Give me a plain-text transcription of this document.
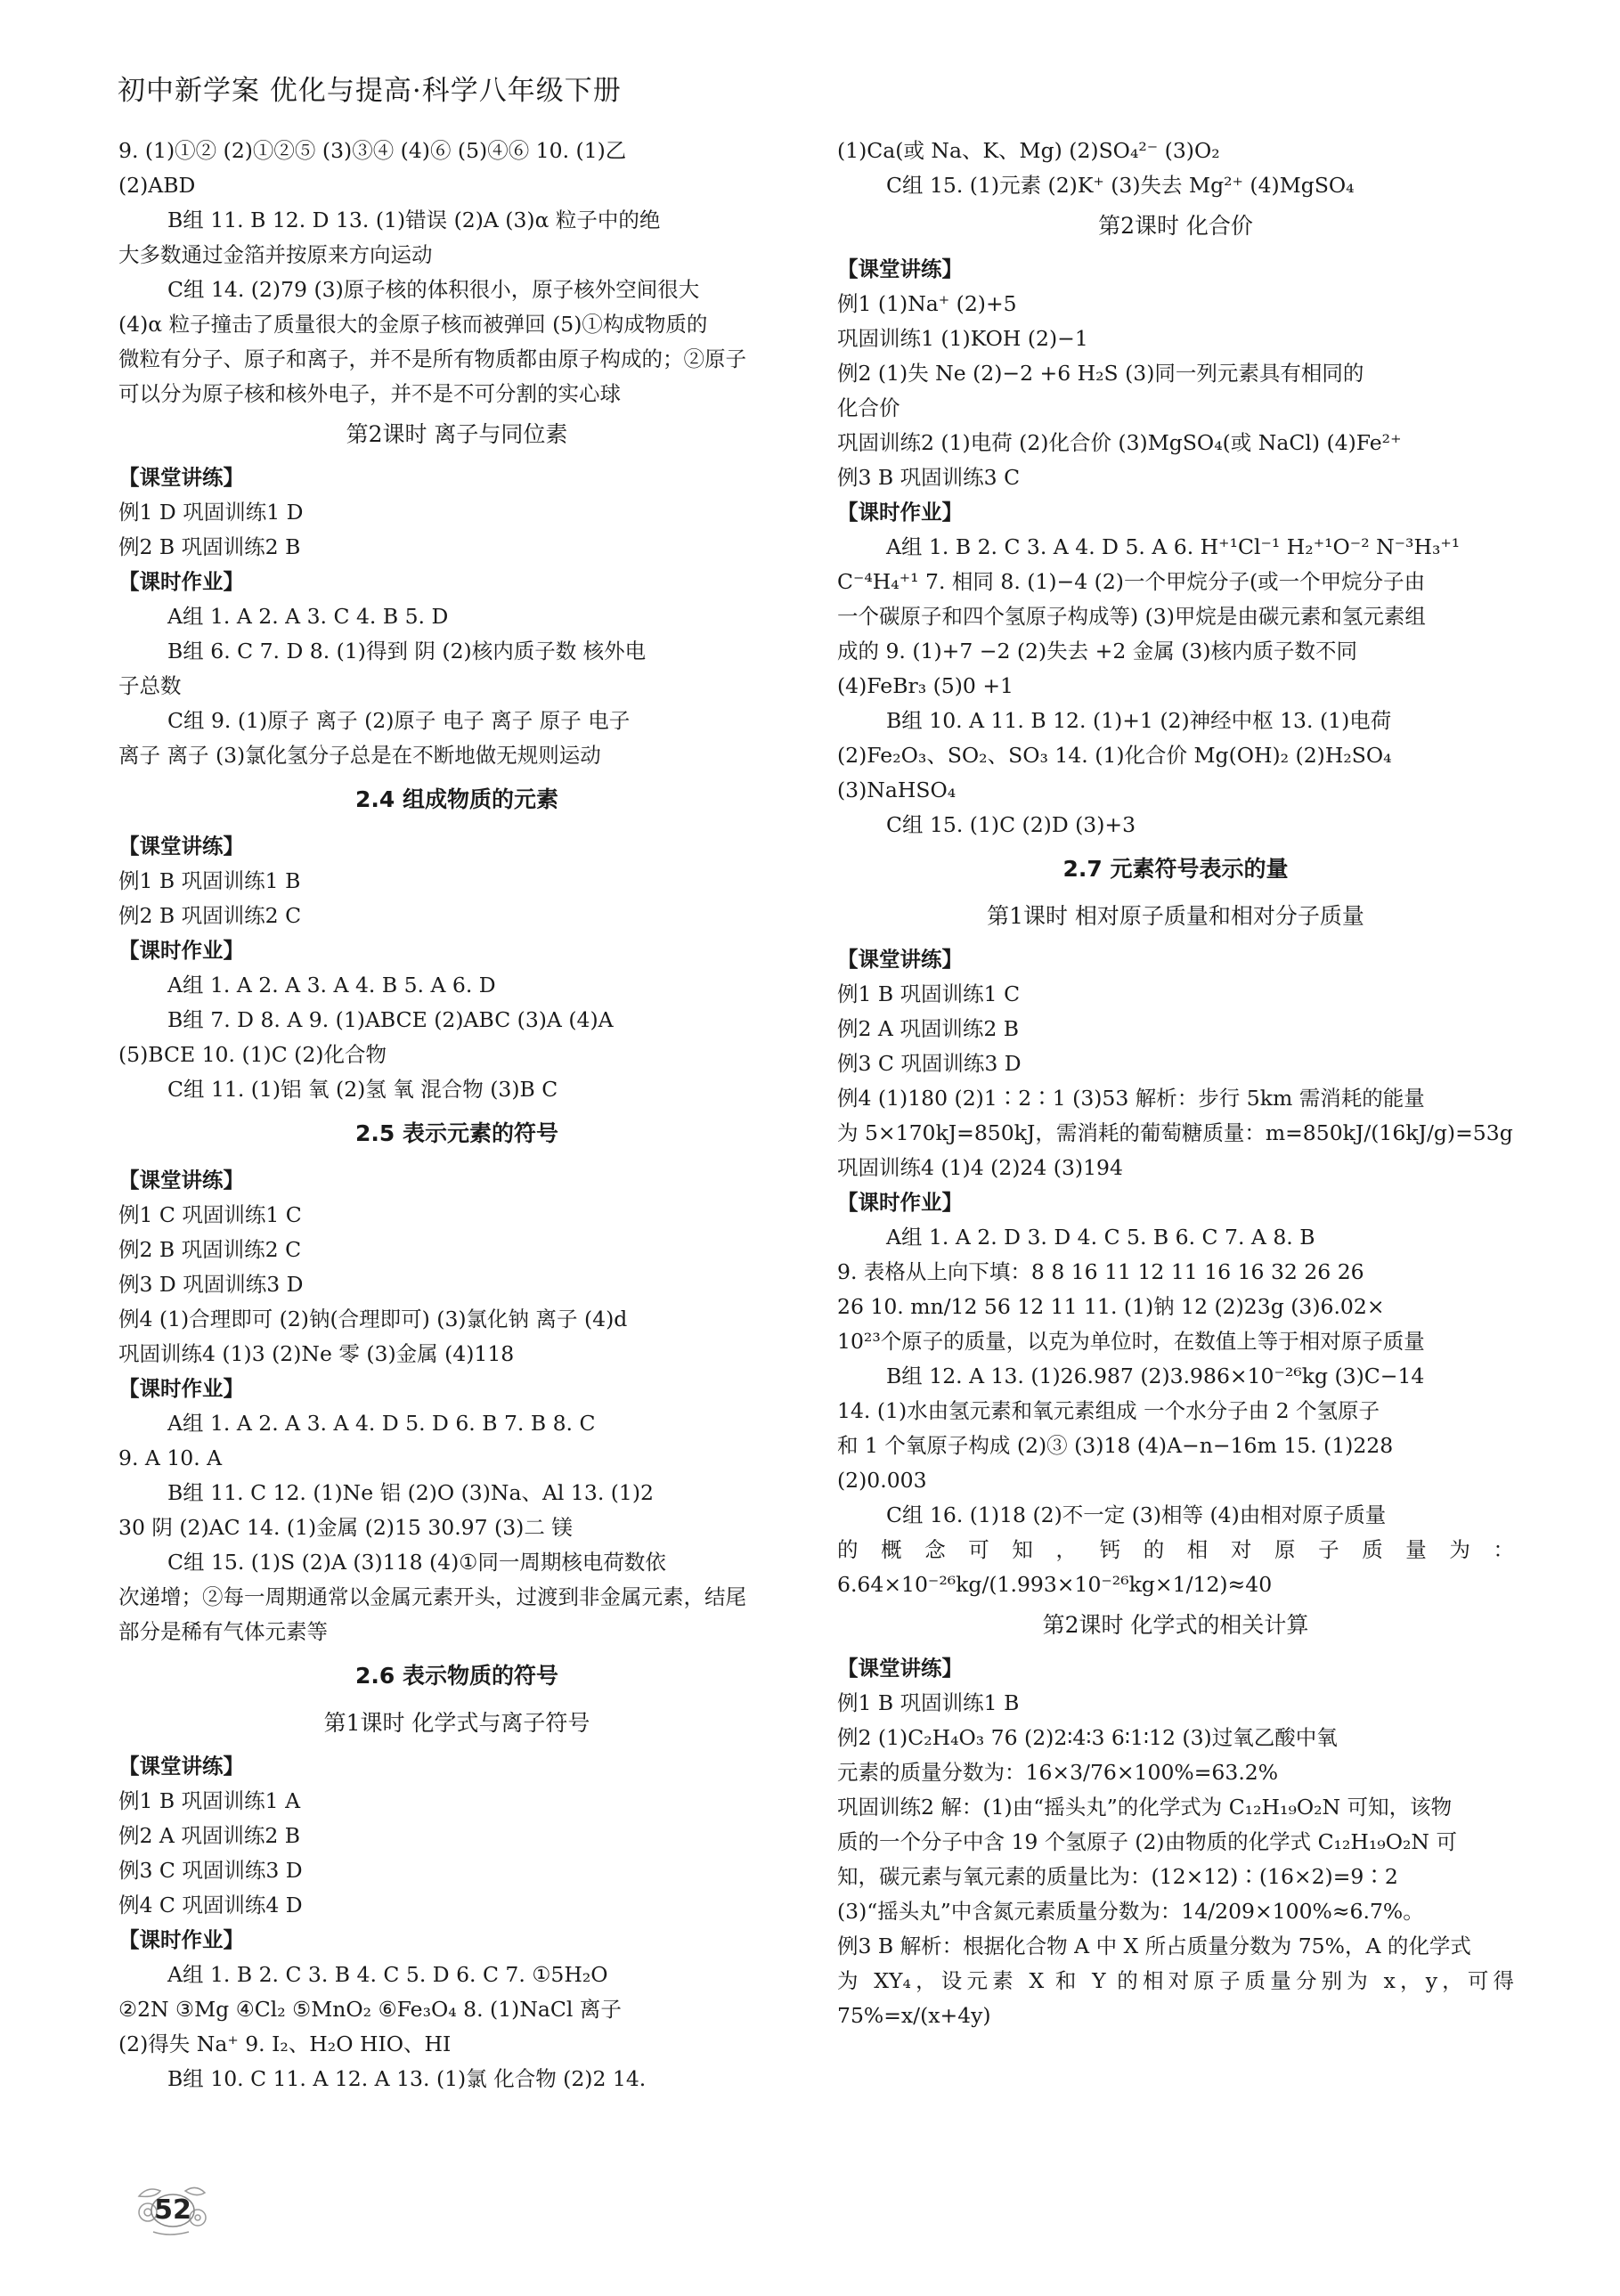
初中新学案 优化与提高·科学八年级下册

9. (1)①② (2)①②⑤ (3)③④ (4)⑥ (5)④⑥ 10. (1)乙

(2)ABD

B组 11. B 12. D 13. (1)错误 (2)A (3)α 粒子中的绝

大多数通过金箔并按原来方向运动

C组 14. (2)79 (3)原子核的体积很小，原子核外空间很大

(4)α 粒子撞击了质量很大的金原子核而被弹回 (5)①构成物质的

微粒有分子、原子和离子，并不是所有物质都由原子构成的；②原子

可以分为原子核和核外电子，并不是不可分割的实心球

第2课时 离子与同位素

【课堂讲练】

例1 D 巩固训练1 D

例2 B 巩固训练2 B

【课时作业】

A组 1. A 2. A 3. C 4. B 5. D

B组 6. C 7. D 8. (1)得到 阴 (2)核内质子数 核外电

子总数

C组 9. (1)原子 离子 (2)原子 电子 离子 原子 电子

离子 离子 (3)氯化氢分子总是在不断地做无规则运动

2.4 组成物质的元素

【课堂讲练】

例1 B 巩固训练1 B

例2 B 巩固训练2 C

【课时作业】

A组 1. A 2. A 3. A 4. B 5. A 6. D

B组 7. D 8. A 9. (1)ABCE (2)ABC (3)A (4)A

(5)BCE 10. (1)C (2)化合物

C组 11. (1)铝 氧 (2)氢 氧 混合物 (3)B C

2.5 表示元素的符号

【课堂讲练】

例1 C 巩固训练1 C

例2 B 巩固训练2 C

例3 D 巩固训练3 D

例4 (1)合理即可 (2)钠(合理即可) (3)氯化钠 离子 (4)d

巩固训练4 (1)3 (2)Ne 零 (3)金属 (4)118

【课时作业】

A组 1. A 2. A 3. A 4. D 5. D 6. B 7. B 8. C

9. A 10. A

B组 11. C 12. (1)Ne 铝 (2)O (3)Na、Al 13. (1)2

30 阴 (2)AC 14. (1)金属 (2)15 30.97 (3)二 镁

C组 15. (1)S (2)A (3)118 (4)①同一周期核电荷数依

次递增；②每一周期通常以金属元素开头，过渡到非金属元素，结尾

部分是稀有气体元素等

2.6 表示物质的符号

第1课时 化学式与离子符号

【课堂讲练】

例1 B 巩固训练1 A

例2 A 巩固训练2 B

例3 C 巩固训练3 D

例4 C 巩固训练4 D

【课时作业】

A组 1. B 2. C 3. B 4. C 5. D 6. C 7. ①5H₂O

②2N ③Mg ④Cl₂ ⑤MnO₂ ⑥Fe₃O₄ 8. (1)NaCl 离子

(2)得失 Na⁺ 9. I₂、H₂O HIO、HI

B组 10. C 11. A 12. A 13. (1)氯 化合物 (2)2 14.

(1)Ca(或 Na、K、Mg) (2)SO₄²⁻ (3)O₂

C组 15. (1)元素 (2)K⁺ (3)失去 Mg²⁺ (4)MgSO₄

第2课时 化合价

【课堂讲练】

例1 (1)Na⁺ (2)+5

巩固训练1 (1)KOH (2)−1

例2 (1)失 Ne (2)−2 +6 H₂S (3)同一列元素具有相同的

化合价

巩固训练2 (1)电荷 (2)化合价 (3)MgSO₄(或 NaCl) (4)Fe²⁺

例3 B 巩固训练3 C

【课时作业】

A组 1. B 2. C 3. A 4. D 5. A 6. H⁺¹Cl⁻¹ H₂⁺¹O⁻² N⁻³H₃⁺¹

C⁻⁴H₄⁺¹ 7. 相同 8. (1)−4 (2)一个甲烷分子(或一个甲烷分子由

一个碳原子和四个氢原子构成等) (3)甲烷是由碳元素和氢元素组

成的 9. (1)+7 −2 (2)失去 +2 金属 (3)核内质子数不同

(4)FeBr₃ (5)0 +1

B组 10. A 11. B 12. (1)+1 (2)神经中枢 13. (1)电荷

(2)Fe₂O₃、SO₂、SO₃ 14. (1)化合价 Mg(OH)₂ (2)H₂SO₄

(3)NaHSO₄

C组 15. (1)C (2)D (3)+3

2.7 元素符号表示的量

第1课时 相对原子质量和相对分子质量

【课堂讲练】

例1 B 巩固训练1 C

例2 A 巩固训练2 B

例3 C 巩固训练3 D

例4 (1)180 (2)1∶2∶1 (3)53 解析：步行 5km 需消耗的能量

为 5×170kJ=850kJ，需消耗的葡萄糖质量：m=850kJ/(16kJ/g)=53g

巩固训练4 (1)4 (2)24 (3)194

【课时作业】

A组 1. A 2. D 3. D 4. C 5. B 6. C 7. A 8. B

9. 表格从上向下填：8 8 16 11 12 11 16 16 32 26 26

26 10. mn/12 56 12 11 11. (1)钠 12 (2)23g (3)6.02×

10²³个原子的质量，以克为单位时，在数值上等于相对原子质量

B组 12. A 13. (1)26.987 (2)3.986×10⁻²⁶kg (3)C−14

14. (1)水由氢元素和氧元素组成 一个水分子由 2 个氢原子

和 1 个氧原子构成 (2)③ (3)18 (4)A−n−16m 15. (1)228

(2)0.003

C组 16. (1)18 (2)不一定 (3)相等 (4)由相对原子质量

的概念可知，钙的相对原子质量为：6.64×10⁻²⁶kg/(1.993×10⁻²⁶kg×1/12)≈40

第2课时 化学式的相关计算

【课堂讲练】

例1 B 巩固训练1 B

例2 (1)C₂H₄O₃ 76 (2)2∶4∶3 6∶1∶12 (3)过氧乙酸中氧

元素的质量分数为：16×3/76×100%=63.2%

巩固训练2 解：(1)由“摇头丸”的化学式为 C₁₂H₁₉O₂N 可知，该物

质的一个分子中含 19 个氢原子 (2)由物质的化学式 C₁₂H₁₉O₂N 可

知，碳元素与氧元素的质量比为：(12×12)∶(16×2)=9∶2

(3)“摇头丸”中含氮元素质量分数为：14/209×100%≈6.7%。

例3 B 解析：根据化合物 A 中 X 所占质量分数为 75%，A 的化学式

为 XY₄，设元素 X 和 Y 的相对原子质量分别为 x，y，可得 75%=x/(x+4y)

52
